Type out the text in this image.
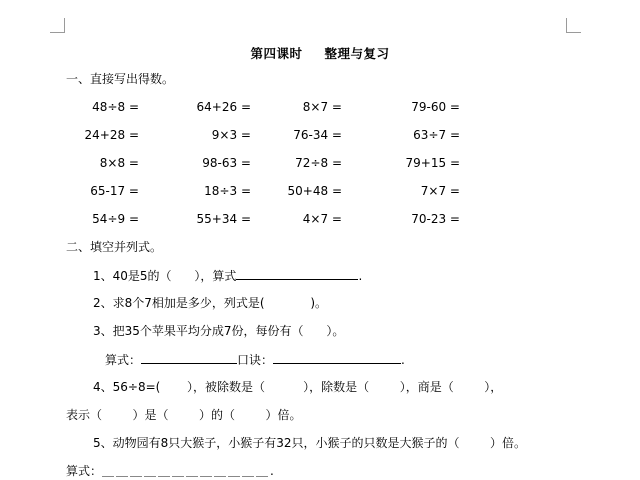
第四课时 整理与复习
一、直接写出得数。
48÷8 =	64+26 =	8×7 =	79-60 =
24+28 =	9×3 =	76-34 =	63÷7 =
8×8 =	98-63 =	72÷8 =	79+15 =
65-17 =	18÷3 =	50+48 =	7×7 =
54÷9 =	55+34 =	4×7 =	70-23 =
二、填空并列式。
1、40是5的（      ），算式	.
2、求8个7相加是多少，列式是(            )。
3、把35个苹果平均分成7份，每份有（      ）。
算式：	口诀：	.
4、56÷8=(       ），被除数是（          ），除数是（        ），商是（        ），
表示（        ）是（        ）的（        ）倍。
5、动物园有8只大猴子，小猴子有32只，小猴子的只数是大猴子的（        ）倍。
算式：＿＿＿＿＿＿＿＿＿＿＿＿.
